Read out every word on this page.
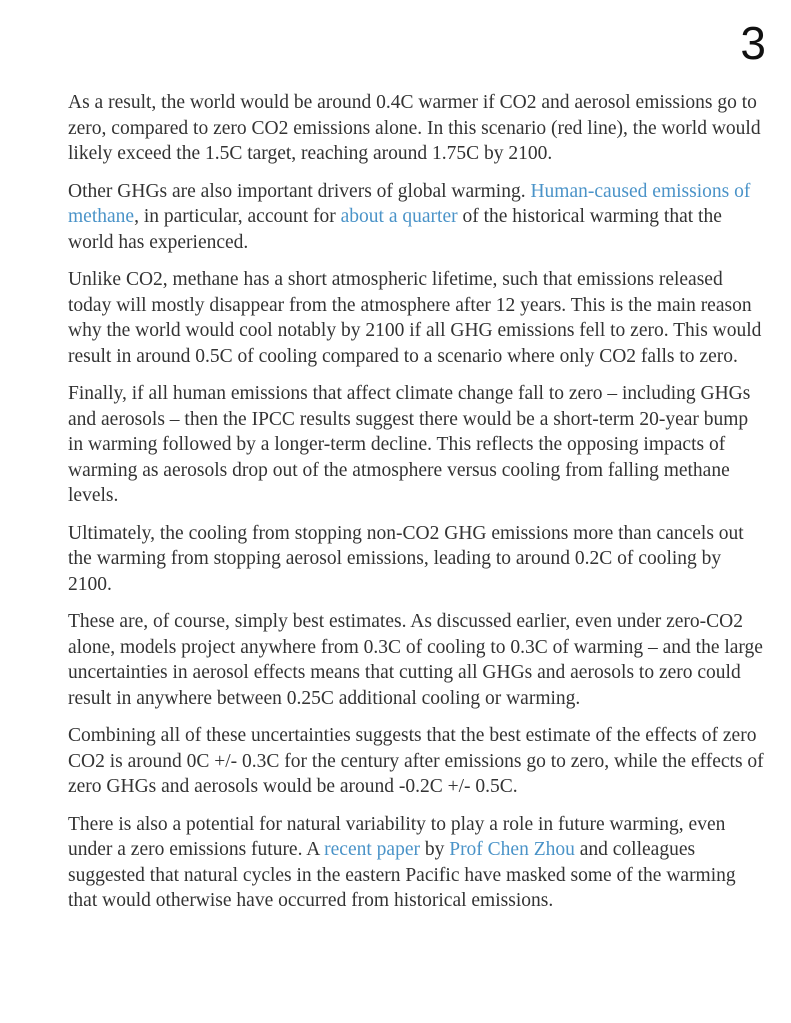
3

As a result, the world would be around 0.4C warmer if CO2 and aerosol emissions go to zero, compared to zero CO2 emissions alone. In this scenario (red line), the world would likely exceed the 1.5C target, reaching around 1.75C by 2100.

Other GHGs are also important drivers of global warming. Human-caused emissions of methane, in particular, account for about a quarter of the historical warming that the world has experienced.

Unlike CO2, methane has a short atmospheric lifetime, such that emissions released today will mostly disappear from the atmosphere after 12 years. This is the main reason why the world would cool notably by 2100 if all GHG emissions fell to zero. This would result in around 0.5C of cooling compared to a scenario where only CO2 falls to zero.

Finally, if all human emissions that affect climate change fall to zero – including GHGs and aerosols – then the IPCC results suggest there would be a short-term 20-year bump in warming followed by a longer-term decline. This reflects the opposing impacts of warming as aerosols drop out of the atmosphere versus cooling from falling methane levels.

Ultimately, the cooling from stopping non-CO2 GHG emissions more than cancels out the warming from stopping aerosol emissions, leading to around 0.2C of cooling by 2100.

These are, of course, simply best estimates. As discussed earlier, even under zero-CO2 alone, models project anywhere from 0.3C of cooling to 0.3C of warming – and the large uncertainties in aerosol effects means that cutting all GHGs and aerosols to zero could result in anywhere between 0.25C additional cooling or warming.

Combining all of these uncertainties suggests that the best estimate of the effects of zero CO2 is around 0C +/- 0.3C for the century after emissions go to zero, while the effects of zero GHGs and aerosols would be around -0.2C +/- 0.5C.

There is also a potential for natural variability to play a role in future warming, even under a zero emissions future. A recent paper by Prof Chen Zhou and colleagues suggested that natural cycles in the eastern Pacific have masked some of the warming that would otherwise have occurred from historical emissions.
